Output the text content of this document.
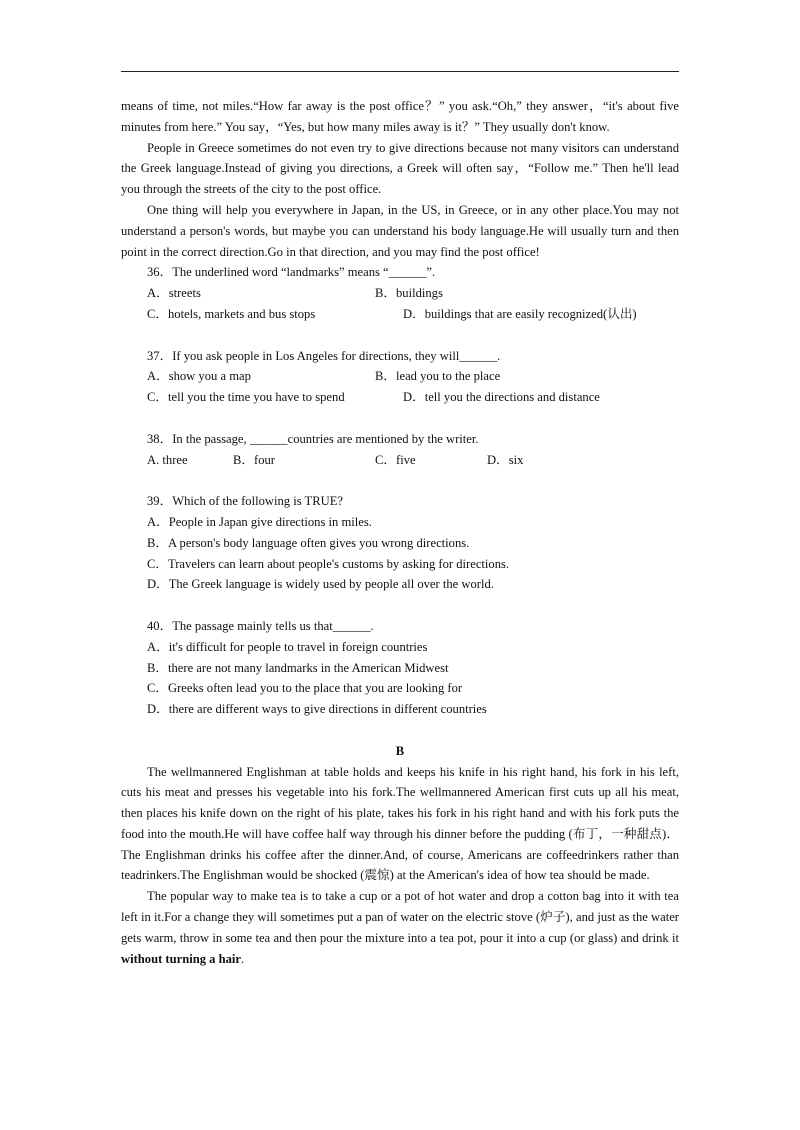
means of time, not miles.“How far away is the post office？” you ask.“Oh,” they answer，“it's about five minutes from here.” You say，“Yes, but how many miles away is it？” They usually don't know.

People in Greece sometimes do not even try to give directions because not many visitors can understand the Greek language.Instead of giving you directions, a Greek will often say，“Follow me.” Then he'll lead you through the streets of the city to the post office.

One thing will help you everywhere in Japan, in the US, in Greece, or in any other place.You may not understand a person's words, but maybe you can understand his body language.He will usually turn and then point in the correct direction.Go in that direction, and you may find the post office!

36．The underlined word “landmarks” means “______”.

A．streets	B．buildings
C．hotels, markets and bus stops	D．buildings that are easily recognized(认出)

37．If you ask people in Los Angeles for directions, they will______.

A．show you a map	B．lead you to the place
C．tell you the time you have to spend	D．tell you the directions and distance

38．In the passage, ______countries are mentioned by the writer.

A. three	B．four	C．five	D．six

39．Which of the following is TRUE?

A．People in Japan give directions in miles.

B．A person's body language often gives you wrong directions.

C．Travelers can learn about people's customs by asking for directions.

D．The Greek language is widely used by people all over the world.

40．The passage mainly tells us that______.

A．it's difficult for people to travel in foreign countries

B．there are not many landmarks in the American Midwest

C．Greeks often lead you to the place that you are looking for

D．there are different ways to give directions in different countries

B

The wellmannered Englishman at table holds and keeps his knife in his right hand, his fork in his left, cuts his meat and presses his vegetable into his fork.The wellmannered American first cuts up all his meat, then places his knife down on the right of his plate, takes his fork in his right hand and with his fork puts the food into the mouth.He will have coffee half way through his dinner before the pudding (布丁，一种甜点)．The Englishman drinks his coffee after the dinner.And, of course, Americans are coffeedrinkers rather than teadrinkers.The Englishman would be shocked (震惊) at the American's idea of how tea should be made.

The popular way to make tea is to take a cup or a pot of hot water and drop a cotton bag into it with tea left in it.For a change they will sometimes put a pan of water on the electric stove (炉子), and just as the water gets warm, throw in some tea and then pour the mixture into a tea pot, pour it into a cup (or glass) and drink it without turning a hair.
